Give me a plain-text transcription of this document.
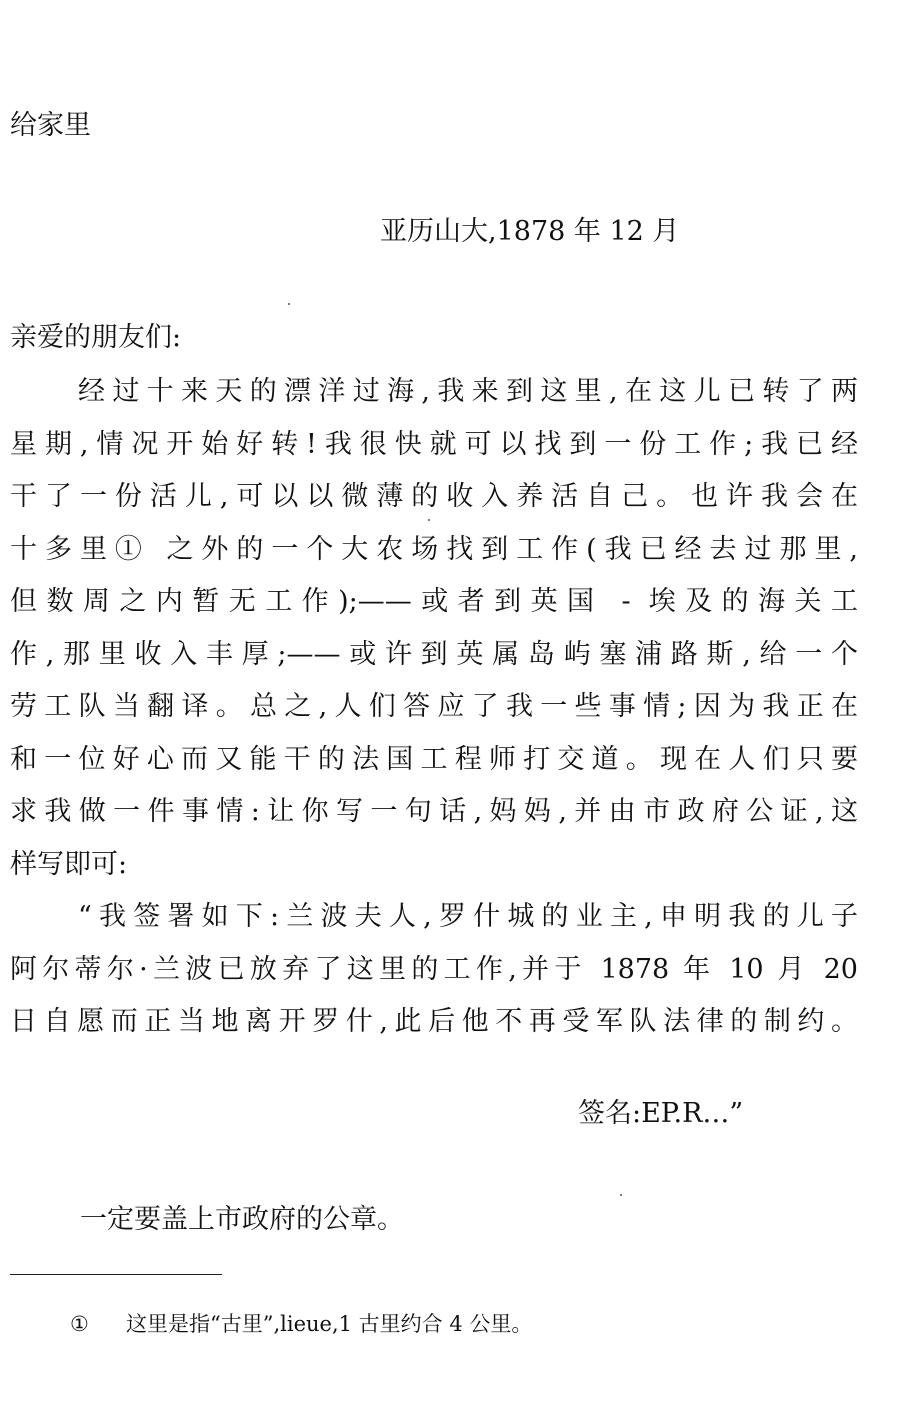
给家里
亚历山大,1878 年 12 月
亲爱的朋友们:
经过十来天的漂洋过海,我来到这里,在这儿已转了两
星期,情况开始好转!我很快就可以找到一份工作;我已经
干了一份活儿,可以以微薄的收入养活自己。也许我会在
十多里① 之外的一个大农场找到工作(我已经去过那里,
但数周之内暂无工作);——或者到英国 - 埃及的海关工
作,那里收入丰厚;——或许到英属岛屿塞浦路斯,给一个
劳工队当翻译。总之,人们答应了我一些事情;因为我正在
和一位好心而又能干的法国工程师打交道。现在人们只要
求我做一件事情:让你写一句话,妈妈,并由市政府公证,这
样写即可:
“我签署如下:兰波夫人,罗什城的业主,申明我的儿子
阿尔蒂尔·兰波已放弃了这里的工作,并于 1878 年 10 月 20
日自愿而正当地离开罗什,此后他不再受军队法律的制约。
签名:EP.R…”
一定要盖上市政府的公章。
① 这里是指“古里”,lieue,1 古里约合 4 公里。
